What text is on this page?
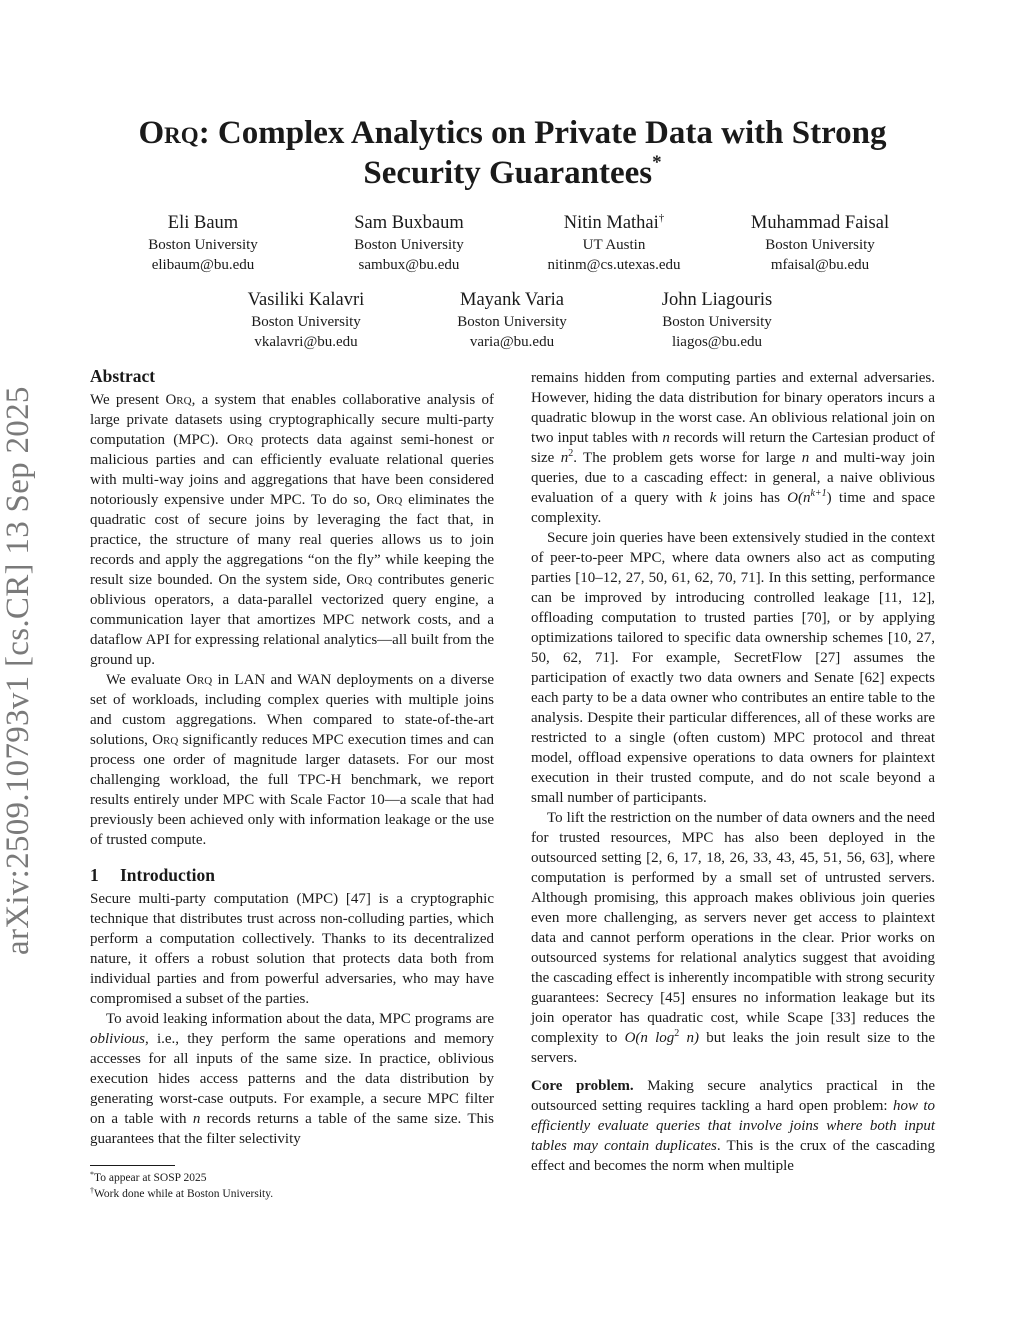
arXiv:2509.10793v1 [cs.CR] 13 Sep 2025
Orq: Complex Analytics on Private Data with Strong Security Guarantees*
Eli Baum
Boston University
elibaum@bu.edu
Sam Buxbaum
Boston University
sambux@bu.edu
Nitin Mathai†
UT Austin
nitinm@cs.utexas.edu
Muhammad Faisal
Boston University
mfaisal@bu.edu
Vasiliki Kalavri
Boston University
vkalavri@bu.edu
Mayank Varia
Boston University
varia@bu.edu
John Liagouris
Boston University
liagos@bu.edu
Abstract

We present Orq, a system that enables collaborative analysis of large private datasets using cryptographically secure multi-party computation (MPC). Orq protects data against semi-honest or malicious parties and can efficiently evaluate relational queries with multi-way joins and aggregations that have been considered notoriously expensive under MPC. To do so, Orq eliminates the quadratic cost of secure joins by leveraging the fact that, in practice, the structure of many real queries allows us to join records and apply the aggregations “on the fly” while keeping the result size bounded. On the system side, Orq contributes generic oblivious operators, a data-parallel vectorized query engine, a communication layer that amortizes MPC network costs, and a dataflow API for expressing relational analytics—all built from the ground up.

We evaluate Orq in LAN and WAN deployments on a diverse set of workloads, including complex queries with multiple joins and custom aggregations. When compared to state-of-the-art solutions, Orq significantly reduces MPC execution times and can process one order of magnitude larger datasets. For our most challenging workload, the full TPC-H benchmark, we report results entirely under MPC with Scale Factor 10—a scale that had previously been achieved only with information leakage or the use of trusted compute.

1 Introduction

Secure multi-party computation (MPC) [47] is a cryptographic technique that distributes trust across non-colluding parties, which perform a computation collectively. Thanks to its decentralized nature, it offers a robust solution that protects data both from individual parties and from powerful adversaries, who may have compromised a subset of the parties.

To avoid leaking information about the data, MPC programs are oblivious, i.e., they perform the same operations and memory accesses for all inputs of the same size. In practice, oblivious execution hides access patterns and the data distribution by generating worst-case outputs. For example, a secure MPC filter on a table with n records returns a table of the same size. This guarantees that the filter selectivity

remains hidden from computing parties and external adversaries. However, hiding the data distribution for binary operators incurs a quadratic blowup in the worst case. An oblivious relational join on two input tables with n records will return the Cartesian product of size $n^2$. The problem gets worse for large n and multi-way join queries, due to a cascading effect: in general, a naive oblivious evaluation of a query with k joins has $O(n^{k+1})$ time and space complexity.

Secure join queries have been extensively studied in the context of peer-to-peer MPC, where data owners also act as computing parties [10–12, 27, 50, 61, 62, 70, 71]. In this setting, performance can be improved by introducing controlled leakage [11, 12], offloading computation to trusted parties [70], or by applying optimizations tailored to specific data ownership schemes [10, 27, 50, 62, 71]. For example, SecretFlow [27] assumes the participation of exactly two data owners and Senate [62] expects each party to be a data owner who contributes an entire table to the analysis. Despite their particular differences, all of these works are restricted to a single (often custom) MPC protocol and threat model, offload expensive operations to data owners for plaintext execution in their trusted compute, and do not scale beyond a small number of participants.

To lift the restriction on the number of data owners and the need for trusted resources, MPC has also been deployed in the outsourced setting [2, 6, 17, 18, 26, 33, 43, 45, 51, 56, 63], where computation is performed by a small set of untrusted servers. Although promising, this approach makes oblivious join queries even more challenging, as servers never get access to plaintext data and cannot perform operations in the clear. Prior works on outsourced systems for relational analytics suggest that avoiding the cascading effect is inherently incompatible with strong security guarantees: Secrecy [45] ensures no information leakage but its join operator has quadratic cost, while Scape [33] reduces the complexity to O(n $\log^2 n$) but leaks the join result size to the servers.

Core problem. Making secure analytics practical in the outsourced setting requires tackling a hard open problem: how to efficiently evaluate queries that involve joins where both input tables may contain duplicates. This is the crux of the cascading effect and becomes the norm when multiple

*To appear at SOSP 2025
†Work done while at Boston University.
